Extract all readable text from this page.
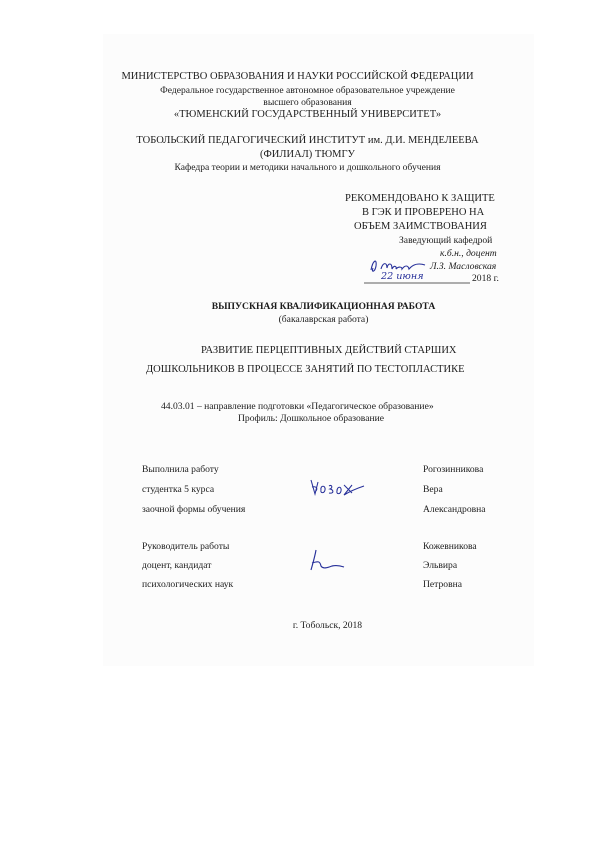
МИНИСТЕРСТВО ОБРАЗОВАНИЯ И НАУКИ РОССИЙСКОЙ ФЕДЕРАЦИИ
Федеральное государственное автономное образовательное учреждение
высшего образования
«ТЮМЕНСКИЙ ГОСУДАРСТВЕННЫЙ УНИВЕРСИТЕТ»
ТОБОЛЬСКИЙ ПЕДАГОГИЧЕСКИЙ ИНСТИТУТ им. Д.И. МЕНДЕЛЕЕВА
(ФИЛИАЛ) ТЮМГУ
Кафедра теории и методики начального и дошкольного обучения
РЕКОМЕНДОВАНО К ЗАЩИТЕ
В ГЭК И ПРОВЕРЕНО НА
ОБЪЕМ ЗАИМСТВОВАНИЯ
Заведующий кафедрой
к.б.н., доцент
Л.З. Масловская
2018 г.
22 июня
ВЫПУСКНАЯ КВАЛИФИКАЦИОННАЯ РАБОТА
(бакалаврская работа)
РАЗВИТИЕ ПЕРЦЕПТИВНЫХ ДЕЙСТВИЙ СТАРШИХ
ДОШКОЛЬНИКОВ В ПРОЦЕССЕ ЗАНЯТИЙ ПО ТЕСТОПЛАСТИКЕ
44.03.01 – направление подготовки «Педагогическое образование»
Профиль: Дошкольное образование
Выполнила работу
студентка 5 курса
заочной формы обучения
Рогозинникова
Вера
Александровна
Руководитель работы
доцент, кандидат
психологических наук
Кожевникова
Эльвира
Петровна
г. Тобольск, 2018
